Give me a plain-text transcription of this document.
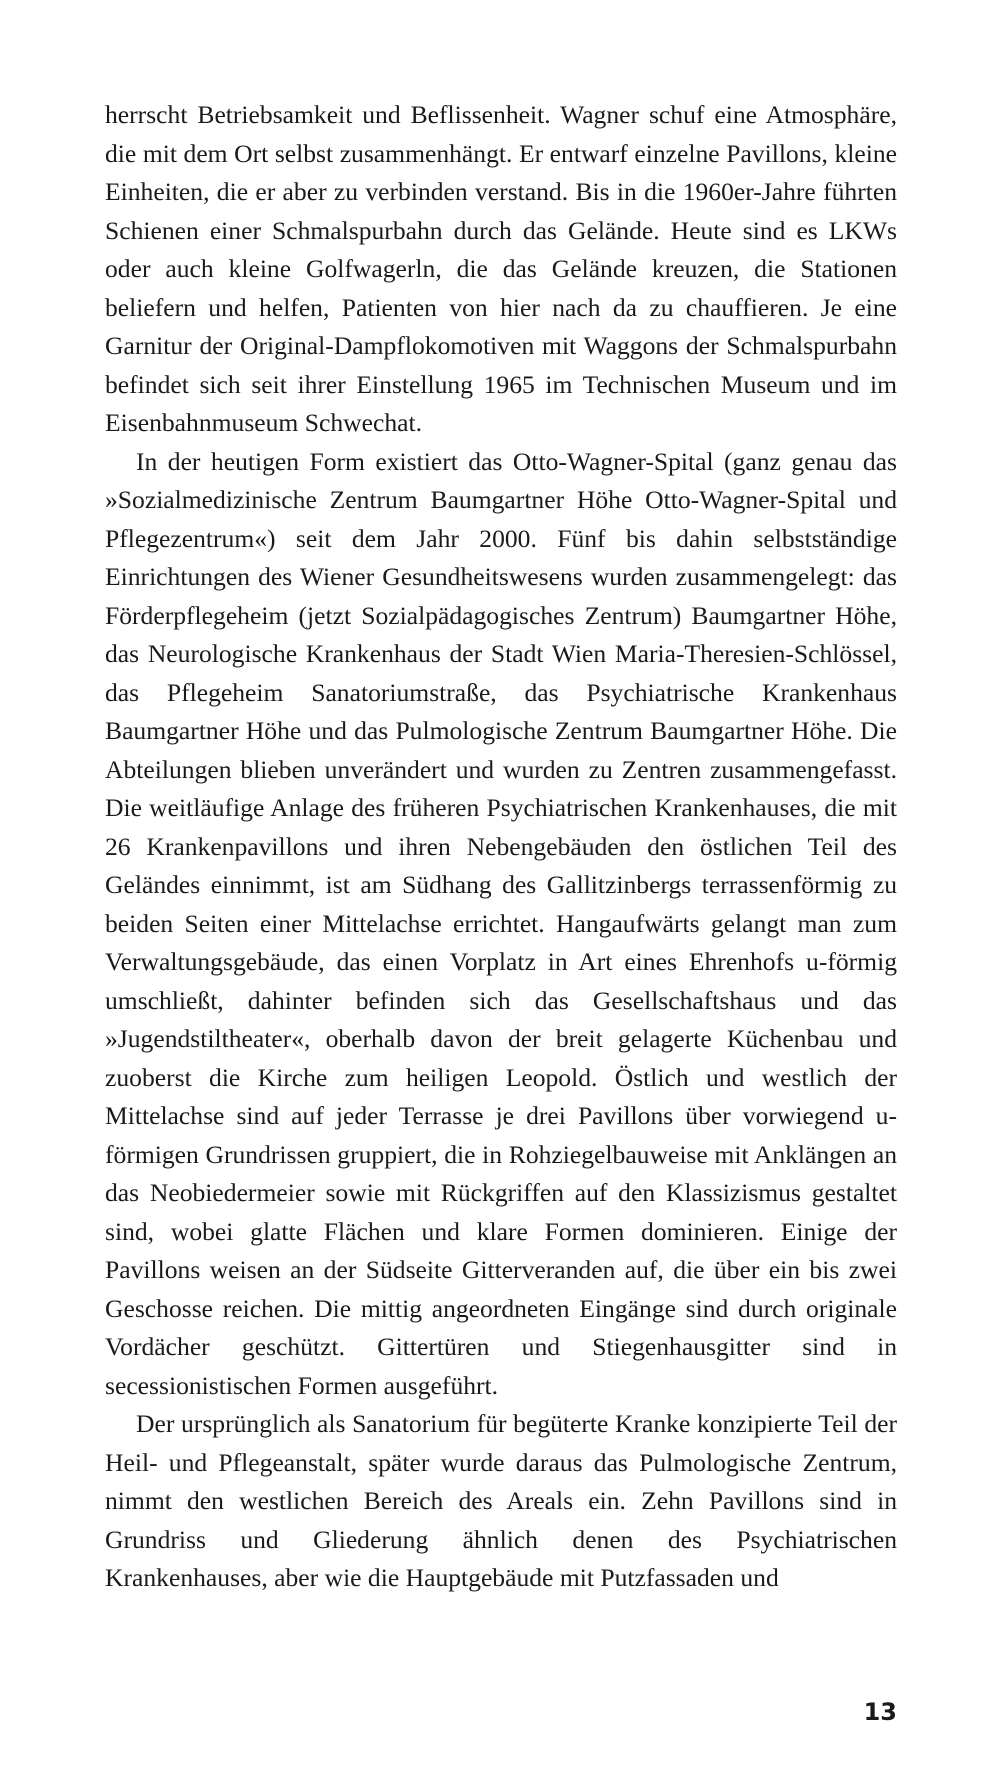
herrscht Betriebsamkeit und Beflissenheit. Wagner schuf eine Atmosphäre, die mit dem Ort selbst zusammenhängt. Er entwarf einzelne Pavillons, kleine Einheiten, die er aber zu verbinden verstand. Bis in die 1960er-Jahre führten Schienen einer Schmalspurbahn durch das Gelände. Heute sind es LKWs oder auch kleine Golfwagerln, die das Gelände kreuzen, die Stationen beliefern und helfen, Patienten von hier nach da zu chauffieren. Je eine Garnitur der Original-Dampflokomotiven mit Waggons der Schmalspurbahn befindet sich seit ihrer Einstellung 1965 im Technischen Museum und im Eisenbahnmuseum Schwechat.

In der heutigen Form existiert das Otto-Wagner-Spital (ganz genau das »Sozialmedizinische Zentrum Baumgartner Höhe Otto-Wagner-Spital und Pflegezentrum«) seit dem Jahr 2000. Fünf bis dahin selbstständige Einrichtungen des Wiener Gesundheitswesens wurden zusammengelegt: das Förderpflegeheim (jetzt Sozialpädagogisches Zentrum) Baumgartner Höhe, das Neurologische Krankenhaus der Stadt Wien Maria-Theresien-Schlössel, das Pflegeheim Sanatoriumstraße, das Psychiatrische Krankenhaus Baumgartner Höhe und das Pulmologische Zentrum Baumgartner Höhe. Die Abteilungen blieben unverändert und wurden zu Zentren zusammengefasst. Die weitläufige Anlage des früheren Psychiatrischen Krankenhauses, die mit 26 Krankenpavillons und ihren Nebengebäuden den östlichen Teil des Geländes einnimmt, ist am Südhang des Gallitzinbergs terrassenförmig zu beiden Seiten einer Mittelachse errichtet. Hangaufwärts gelangt man zum Verwaltungsgebäude, das einen Vorplatz in Art eines Ehrenhofs u-förmig umschließt, dahinter befinden sich das Gesellschaftshaus und das »Jugendstiltheater«, oberhalb davon der breit gelagerte Küchenbau und zuoberst die Kirche zum heiligen Leopold. Östlich und westlich der Mittelachse sind auf jeder Terrasse je drei Pavillons über vorwiegend u-förmigen Grundrissen gruppiert, die in Rohziegelbauweise mit Anklängen an das Neobiedermeier sowie mit Rückgriffen auf den Klassizismus gestaltet sind, wobei glatte Flächen und klare Formen dominieren. Einige der Pavillons weisen an der Südseite Gitterveranden auf, die über ein bis zwei Geschosse reichen. Die mittig angeordneten Eingänge sind durch originale Vordächer geschützt. Gittertüren und Stiegenhausgitter sind in secessionistischen Formen ausgeführt.

Der ursprünglich als Sanatorium für begüterte Kranke konzipierte Teil der Heil- und Pflegeanstalt, später wurde daraus das Pulmologische Zentrum, nimmt den westlichen Bereich des Areals ein. Zehn Pavillons sind in Grundriss und Gliederung ähnlich denen des Psychiatrischen Krankenhauses, aber wie die Hauptgebäude mit Putzfassaden und

13
